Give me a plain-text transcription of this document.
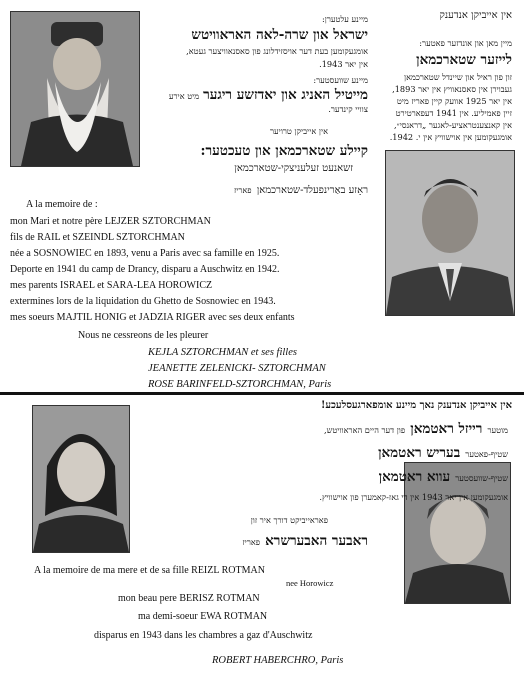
אין אייביקן אנדענק
מיינע עלטערן:
ישראל און שרה-לאה האראוויטש
אומגעקומען בעת דער אויסזידלונג פון סאסנאוויצער געטא,
אין יאר 1943.
מיינע שוועסטער:
מייטיל האניג און יאדזשע ריגער מיט אירע
צוויי קינדער.
אין אייביקן טרויער
קיילע שטארכמאן און טעכטער:
זשאנעט זעלעניצקי-שטארכמאן
ראָזע באַרינפעלד-שטארכמאן פאריז
מיין מאן און אונדזער פאטער:
לייזער שטארכמאן
זון פון ראיל און שיינדל שטארכמאן
געבוירן אין סאסנאוויץ אין יאר 1893,
אין יאר 1925 אוועק קיין פאריז מיט
זיין פאמיליע. אין 1941 דעפארטירט
אין קאנצענטראציע-לאגער „דראנסי״,
אומגעקומען אין אוישוויץ אין י. 1942.
A la memoire de :
mon Mari et notre père LEJZER SZTORCHMAN
fils de RAIL et SZEINDL SZTORCHMAN
née a SOSNOWIEC en 1893, venu a Paris avec sa famille en 1925.
Deporte en 1941 du camp de Drancy, disparu a Auschwitz en 1942.
mes parents ISRAEL et SARA-LEA HOROWICZ
extermines lors de la liquidation du Ghetto de Sosnowiec en 1943.
mes soeurs MAJTIL HONIG et JADZIA RIGER avec ses deux enfants
Nous ne cessreons de les pleurer
KEJLA SZTORCHMAN et ses filles
JEANETTE ZELENICKI- SZTORCHMAN
ROSE BARINFELD-SZTORCHMAN, Paris
אין אייביקן אנדענק נאך מיינע אומפארגעסלעכע!
מוטער רייזל ראטמאן פון דער היים האראוויטש,
שטיף-פאטער בעריש ראטמאן
שטיף-שוועסטער עווא ראטמאן
אומגעקומען אין יאר 1943 אין די גאז-קאמערן פון אוישוויץ.
פאראייביקט דורך איר זון
ראבער האבערשרא פאריז
A la memoire de ma mere et de sa fille REIZL ROTMAN
nee Horowicz
mon beau pere BERISZ ROTMAN
ma demi-soeur EWA ROTMAN
disparus en 1943 dans les chambres a gaz d'Auschwitz
ROBERT HABERCHRO, Paris
